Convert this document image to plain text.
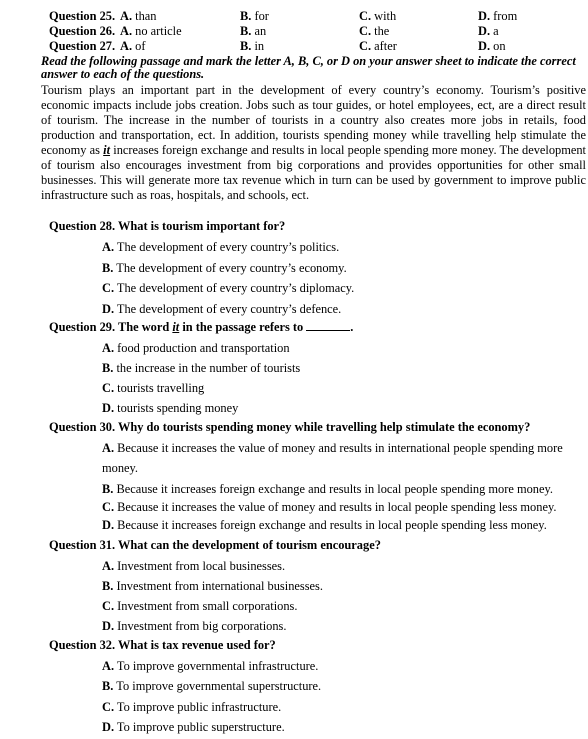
Question 25. A. than	B. for	C. with	D. from
Question 26. A. no article	B. an	C. the	D. a
Question 27. A. of	B. in	C. after	D. on
Read the following passage and mark the letter A, B, C, or D on your answer sheet to indicate the correct answer to each of the questions.

Tourism plays an important part in the development of every country’s economy. Tourism’s positive economic impacts include jobs creation. Jobs such as tour guides, or hotel employees, ect, are a direct result of tourism. The increase in the number of tourists in a country also creates more jobs in retails, food production and transportation, ect. In addition, tourists spending money while travelling help stimulate the economy as it increases foreign exchange and results in local people spending more money. The development of tourism also encourages investment from big corporations and provides opportunities for other small businesses. This will generate more tax revenue which in turn can be used by government to improve public infrastructure such as roas, hospitals, and schools, ect.

Question 28. What is tourism important for?
A. The development of every country’s politics.
B. The development of every country’s economy.
C. The development of every country’s diplomacy.
D. The development of every country’s defence.
Question 29. The word it in the passage refers to	.
A. food production and transportation
B. the increase in the number of tourists
C. tourists travelling
D. tourists spending money
Question 30. Why do tourists spending money while travelling help stimulate the economy?
A. Because it increases the value of money and results in international people spending more money.
B. Because it increases foreign exchange and results in local people spending more money.
C. Because it increases the value of money and results in local people spending less money.
D. Because it increases foreign exchange and results in local people spending less money.
Question 31. What can the development of tourism encourage?
A. Investment from local businesses.
B. Investment from international businesses.
C. Investment from small corporations.
D. Investment from big corporations.
Question 32. What is tax revenue used for?
A. To improve governmental infrastructure.
B. To improve governmental superstructure.
C. To improve public infrastructure.
D. To improve public superstructure.
